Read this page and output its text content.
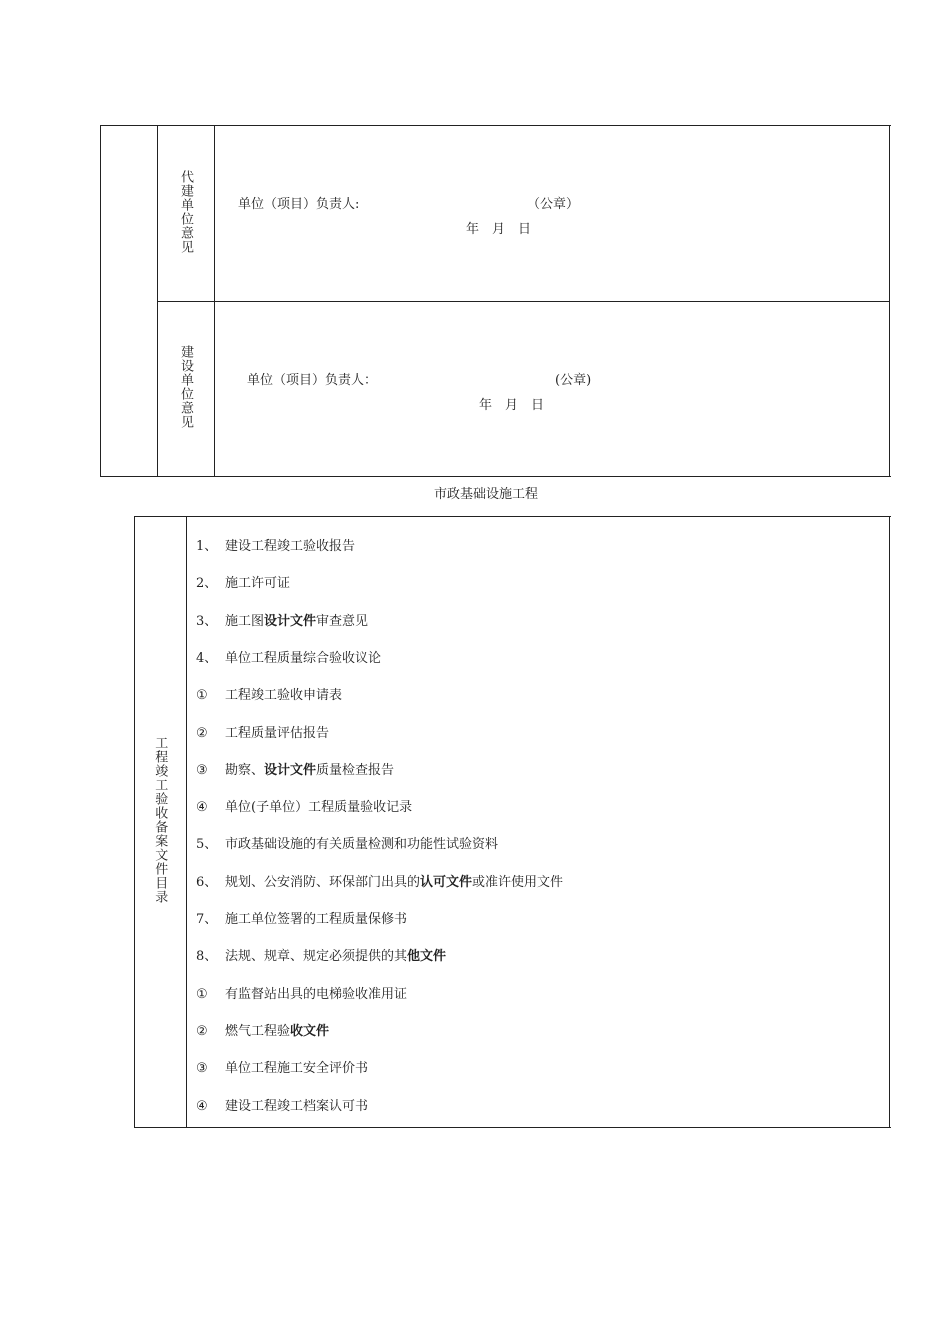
代建单位意见	单位（项目）负责人:	（公章）
年　月　日
建设单位意见	单位（项目）负责人：	(公章)
年　月　日
市政基础设施工程
工程竣工验收备案文件目录
1、 建设工程竣工验收报告
2、 施工许可证
3、 施工图设计文件审查意见
4、 单位工程质量综合验收议论
① 工程竣工验收申请表
② 工程质量评估报告
③ 勘察、设计文件质量检查报告
④ 单位(子单位）工程质量验收记录
5、 市政基础设施的有关质量检测和功能性试验资料
6、 规划、公安消防、环保部门出具的认可文件或准许使用文件
7、 施工单位签署的工程质量保修书
8、 法规、规章、规定必须提供的其他文件
① 有监督站出具的电梯验收准用证
② 燃气工程验收文件
③ 单位工程施工安全评价书
④ 建设工程竣工档案认可书
